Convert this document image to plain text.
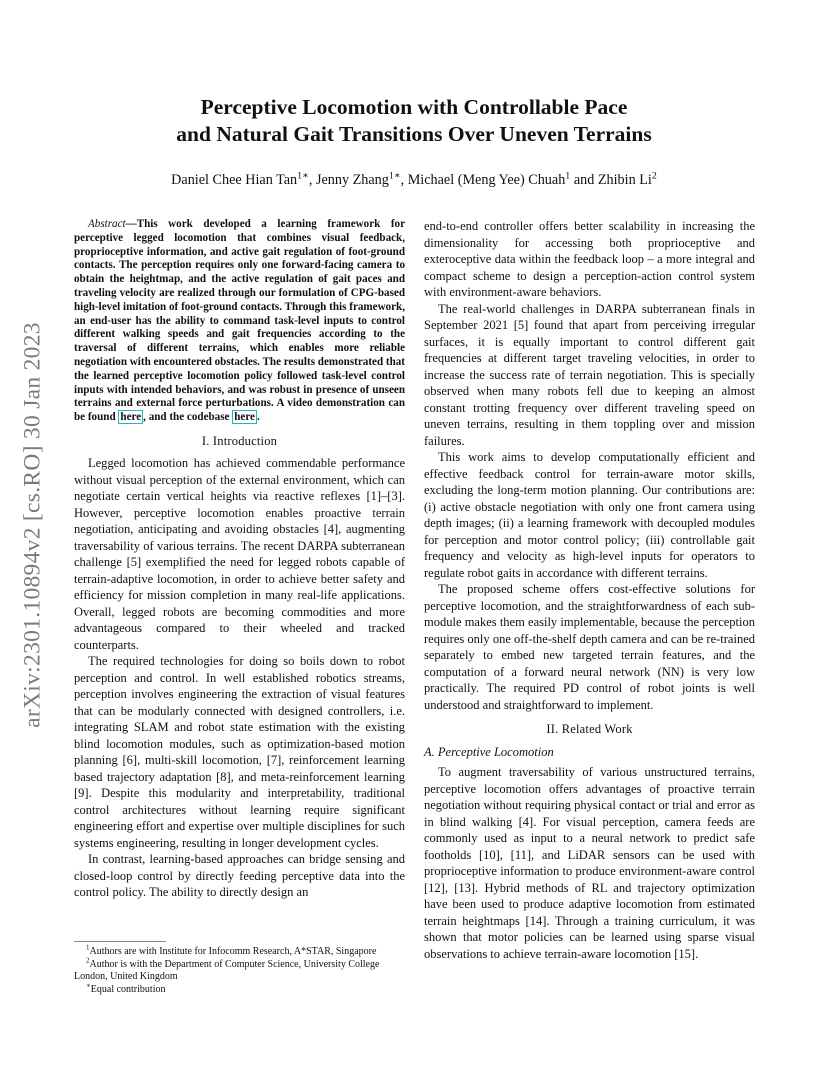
arXiv:2301.10894v2 [cs.RO] 30 Jan 2023
Perceptive Locomotion with Controllable Pace
and Natural Gait Transitions Over Uneven Terrains
Daniel Chee Hian Tan$^{1∗}$, Jenny Zhang$^{1∗}$, Michael (Meng Yee) Chuah$^1$ and Zhibin Li$^2$

Abstract—This work developed a learning framework for perceptive legged locomotion that combines visual feedback, proprioceptive information, and active gait regulation of foot-ground contacts. The perception requires only one forward-facing camera to obtain the heightmap, and the active regulation of gait paces and traveling velocity are realized through our formulation of CPG-based high-level imitation of foot-ground contacts. Through this framework, an end-user has the ability to command task-level inputs to control different walking speeds and gait frequencies according to the traversal of different terrains, which enables more reliable negotiation with encountered obstacles. The results demonstrated that the learned perceptive locomotion policy followed task-level control inputs with intended behaviors, and was robust in presence of unseen terrains and external force perturbations. A video demonstration can be found here , and the codebase here .

I. Introduction

Legged locomotion has achieved commendable performance without visual perception of the external environment, which can negotiate certain vertical heights via reactive reflexes [1]–[3]. However, perceptive locomotion enables proactive terrain negotiation, anticipating and avoiding obstacles [4], augmenting traversability of various terrains. The recent DARPA subterranean challenge [5] exemplified the need for legged robots capable of terrain-adaptive locomotion, in order to achieve better safety and efficiency for mission completion in many real-life applications. Overall, legged robots are becoming commodities and more advantageous compared to their wheeled and tracked counterparts.

The required technologies for doing so boils down to robot perception and control. In well established robotics streams, perception involves engineering the extraction of visual features that can be modularly connected with designed controllers, i.e. integrating SLAM and robot state estimation with the existing blind locomotion modules, such as optimization-based motion planning [6], multi-skill locomotion, [7], reinforcement learning based trajectory adaptation [8], and meta-reinforcement learning [9]. Despite this modularity and interpretability, traditional control architectures without learning require significant engineering effort and expertise over multiple disciplines for such systems engineering, resulting in longer development cycles.

In contrast, learning-based approaches can bridge sensing and closed-loop control by directly feeding perceptive data into the control policy. The ability to directly design an

$^1$Authors are with Institute for Infocomm Research, A*STAR, Singapore
$^2$Author is with the Department of Computer Science, University College London, United Kingdom
∗Equal contribution

end-to-end controller offers better scalability in increasing the dimensionality for accessing both proprioceptive and exteroceptive data within the feedback loop – a more integral and compact scheme to design a perception-action control system with environment-aware behaviors.

The real-world challenges in DARPA subterranean finals in September 2021 [5] found that apart from perceiving irregular surfaces, it is equally important to control different gait frequencies at different target traveling velocities, in order to increase the success rate of terrain negotiation. This is specially observed when many robots fell due to keeping an almost constant trotting frequency over different traveling speed on uneven terrains, resulting in them toppling over and mission failures.

This work aims to develop computationally efficient and effective feedback control for terrain-aware motor skills, excluding the long-term motion planning. Our contributions are: (i) active obstacle negotiation with only one front camera using depth images; (ii) a learning framework with decoupled modules for perception and motor control policy; (iii) controllable gait frequency and velocity as high-level inputs for operators to regulate robot gaits in accordance with different terrains.

The proposed scheme offers cost-effective solutions for perceptive locomotion, and the straightforwardness of each sub-module makes them easily implementable, because the perception requires only one off-the-shelf depth camera and can be re-trained separately to embed new targeted terrain features, and the computation of a forward neural network (NN) is very low practically. The required PD control of robot joints is well understood and straightforward to implement.

II. Related Work
A. Perceptive Locomotion

To augment traversability of various unstructured terrains, perceptive locomotion offers advantages of proactive terrain negotiation without requiring physical contact or trial and error as in blind walking [4]. For visual perception, camera feeds are commonly used as input to a neural network to predict safe footholds [10], [11], and LiDAR sensors can be used with proprioceptive information to produce environment-aware control [12], [13]. Hybrid methods of RL and trajectory optimization have been used to produce adaptive locomotion from estimated terrain heightmaps [14]. Through a training curriculum, it was shown that motor policies can be learned using sparse visual observations to achieve terrain-aware locomotion [15].
